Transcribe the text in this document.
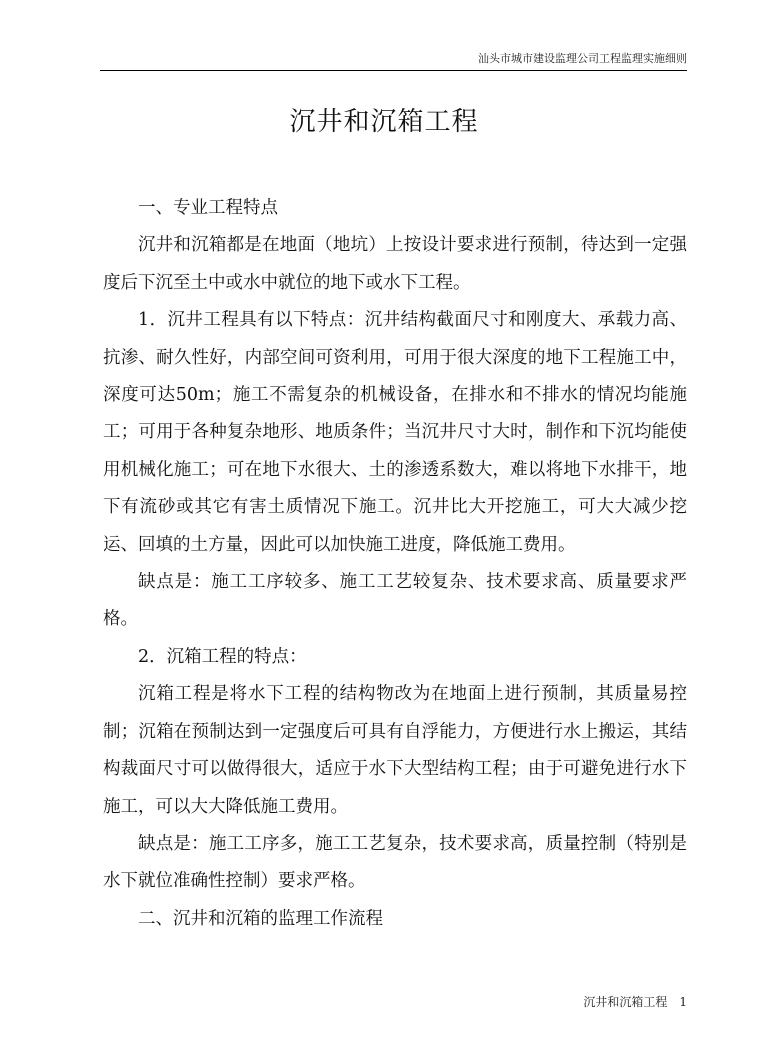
汕头市城市建设监理公司工程监理实施细则
沉井和沉箱工程

一、专业工程特点

沉井和沉箱都是在地面（地坑）上按设计要求进行预制，待达到一定强度后下沉至土中或水中就位的地下或水下工程。

1．沉井工程具有以下特点：沉井结构截面尺寸和刚度大、承载力高、抗渗、耐久性好，内部空间可资利用，可用于很大深度的地下工程施工中，深度可达50m；施工不需复杂的机械设备，在排水和不排水的情况均能施工；可用于各种复杂地形、地质条件；当沉井尺寸大时，制作和下沉均能使用机械化施工；可在地下水很大、土的渗透系数大，难以将地下水排干，地下有流砂或其它有害土质情况下施工。沉井比大开挖施工，可大大减少挖运、回填的土方量，因此可以加快施工进度，降低施工费用。

缺点是：施工工序较多、施工工艺较复杂、技术要求高、质量要求严格。

2．沉箱工程的特点：

沉箱工程是将水下工程的结构物改为在地面上进行预制，其质量易控制；沉箱在预制达到一定强度后可具有自浮能力，方便进行水上搬运，其结构裁面尺寸可以做得很大，适应于水下大型结构工程；由于可避免进行水下施工，可以大大降低施工费用。

缺点是：施工工序多，施工工艺复杂，技术要求高，质量控制（特别是水下就位准确性控制）要求严格。

二、沉井和沉箱的监理工作流程

沉井和沉箱工程 1
